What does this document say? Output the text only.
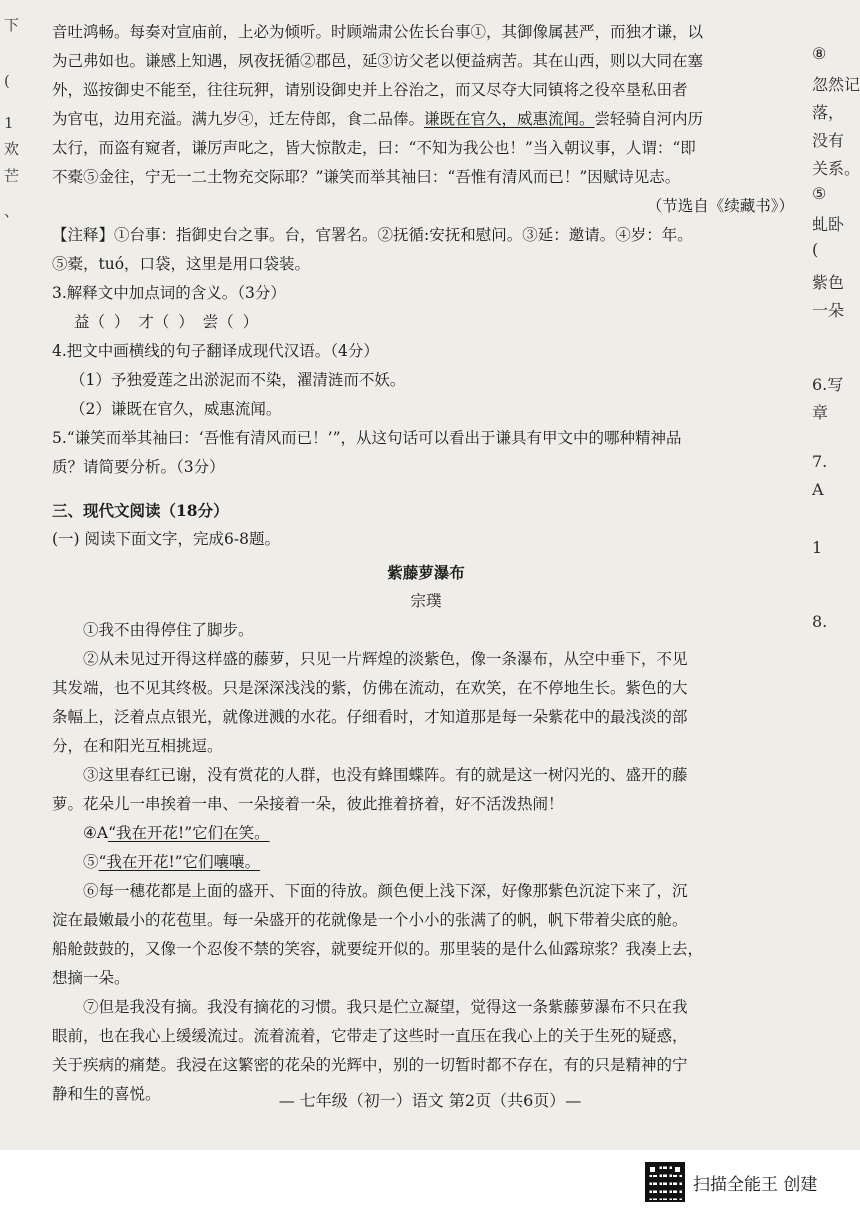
下
(
1
欢
芒
、
⑧
忽然记
落，
没有
关系。
⑤
虬卧
(
紫色
一朵
6.写
章
7.
A
1
8.

音吐鸿畅。每奏对宣庙前，上必为倾听。时顾端肃公佐长台事①，其御像属甚严，而独才谦，以

为己弗如也。谦感上知遇，夙夜抚循②郡邑，延③访父老以便益病苦。其在山西，则以大同在塞

外，巡按御史不能至，往往玩狎，请别设御史并上谷治之，而又尽夺大同镇将之役卒垦私田者

为官屯，边用充溢。满九岁④，迁左侍郎，食二品俸。谦既在官久，威惠流闻。尝轻骑自河内历

太行，而盗有窥者，谦厉声叱之，皆大惊散走，曰：“不知为我公也！”当入朝议事，人谓：“即

不橐⑤金往，宁无一二土物充交际耶？”谦笑而举其袖曰：“吾惟有清风而已！”因赋诗见志。

（节选自《续藏书》）

【注释】①台事：指御史台之事。台，官署名。②抚循:安抚和慰问。③延：邀请。④岁：年。

⑤橐，tuó，口袋，这里是用口袋装。

3.解释文中加点词的含义。（3分）

益（ ） 才（ ） 尝（ ）

4.把文中画横线的句子翻译成现代汉语。（4分）

（1）予独爱莲之出淤泥而不染，濯清涟而不妖。

（2）谦既在官久，威惠流闻。

5.“谦笑而举其袖曰：‘吾惟有清风而已！’”，从这句话可以看出于谦具有甲文中的哪种精神品

质？请简要分析。（3分）

三、现代文阅读（18分）

(一) 阅读下面文字，完成6-8题。

紫藤萝瀑布

宗璞

①我不由得停住了脚步。

②从未见过开得这样盛的藤萝，只见一片辉煌的淡紫色，像一条瀑布，从空中垂下，不见

其发端，也不见其终极。只是深深浅浅的紫，仿佛在流动，在欢笑，在不停地生长。紫色的大

条幅上，泛着点点银光，就像迸溅的水花。仔细看时，才知道那是每一朵紫花中的最浅淡的部

分，在和阳光互相挑逗。

③这里春红已谢，没有赏花的人群，也没有蜂围蝶阵。有的就是这一树闪光的、盛开的藤

萝。花朵儿一串挨着一串、一朵接着一朵，彼此推着挤着，好不活泼热闹！

④A“我在开花!”它们在笑。

⑤“我在开花!”它们嚷嚷。

⑥每一穗花都是上面的盛开、下面的待放。颜色便上浅下深，好像那紫色沉淀下来了，沉

淀在最嫩最小的花苞里。每一朵盛开的花就像是一个小小的张满了的帆，帆下带着尖底的舱。

船舱鼓鼓的，又像一个忍俊不禁的笑容，就要绽开似的。那里装的是什么仙露琼浆？我凑上去，

想摘一朵。

⑦但是我没有摘。我没有摘花的习惯。我只是伫立凝望，觉得这一条紫藤萝瀑布不只在我

眼前，也在我心上缓缓流过。流着流着，它带走了这些时一直压在我心上的关于生死的疑惑，

关于疾病的痛楚。我浸在这繁密的花朵的光辉中，别的一切暂时都不存在，有的只是精神的宁

静和生的喜悦。	— 七年级（初一）语文 第2页（共6页）—
扫描全能王 创建
